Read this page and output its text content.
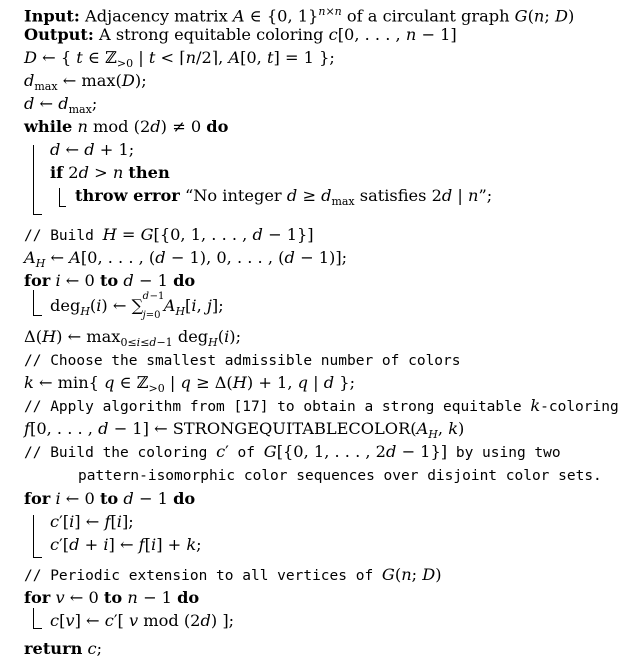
Input: Adjacency matrix A ∈ {0, 1}$^{n\times n}$ of a circulant graph G(n; D)
Output: A strong equitable coloring c[0, . . . , n − 1]
D ← { t ∈ ℤ$_{>0}$ | t < ⌈n/2⌉, A[0, t] = 1 };
$d_{max}$ ← max(D);
d ← $d_{max}$;
while n mod (2d) ≠ 0 do
d ← d + 1;
if 2d > n then
throw error “No integer $d \ge d_{max}$ satisfies 2d | n”;
// Build H = G[{0, 1, . . . , d − 1}]
$A_H$ ← A[0, . . . , (d − 1), 0, . . . , (d − 1)];
for i ← 0 to d − 1 do
deg$_H$(i) ← ∑ d −1
j=0
$A_H[i$, j];
Δ(H) ← $\max_{0\le i\le d-1} deg_H(i)$;
// Choose the smallest admissible number of colors
k ← min{ q ∈ ℤ$_{>0}$ | q ≥ Δ(H) + 1, q | d };
// Apply algorithm from [17] to obtain a strong equitable k-coloring
f[0, . . . , d − 1] ← $STRONGEQUITABLECOLOR(A_H$, k)
// Build the coloring c′ of G[{0, 1, . . . , 2d − 1}] by using two
pattern-isomorphic color sequences over disjoint color sets.
for i ← 0 to d − 1 do
c′[i] ← f[i];
c′[d + i] ← f[i] + k;
// Periodic extension to all vertices of G(n; D)
for v ← 0 to n − 1 do
c[v] ← c′[ v mod (2d) ];
return c;
